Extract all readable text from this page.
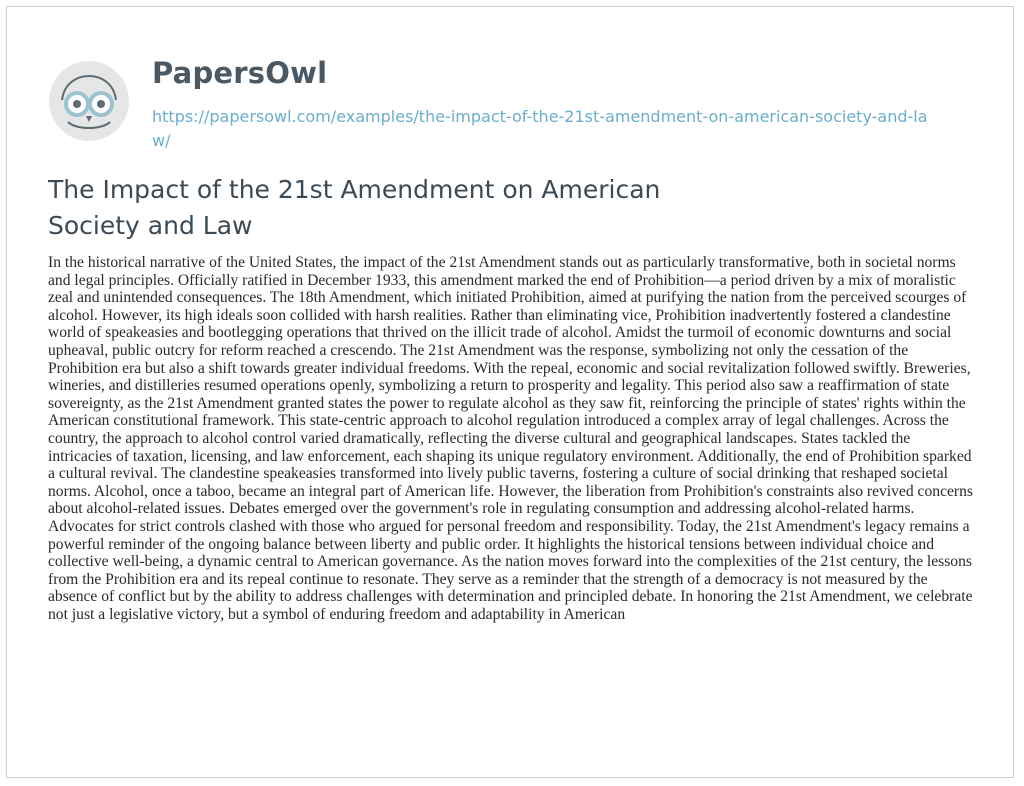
PapersOwl
https://papersowl.com/examples/the-impact-of-the-21st-amendment-on-american-society-and-law/
The Impact of the 21st Amendment on American Society and Law

In the historical narrative of the United States, the impact of the 21st Amendment stands out as particularly transformative, both in societal norms and legal principles. Officially ratified in December 1933, this amendment marked the end of Prohibition—a period driven by a mix of moralistic zeal and unintended consequences. The 18th Amendment, which initiated Prohibition, aimed at purifying the nation from the perceived scourges of alcohol. However, its high ideals soon collided with harsh realities. Rather than eliminating vice, Prohibition inadvertently fostered a clandestine world of speakeasies and bootlegging operations that thrived on the illicit trade of alcohol. Amidst the turmoil of economic downturns and social upheaval, public outcry for reform reached a crescendo. The 21st Amendment was the response, symbolizing not only the cessation of the Prohibition era but also a shift towards greater individual freedoms. With the repeal, economic and social revitalization followed swiftly. Breweries, wineries, and distilleries resumed operations openly, symbolizing a return to prosperity and legality. This period also saw a reaffirmation of state sovereignty, as the 21st Amendment granted states the power to regulate alcohol as they saw fit, reinforcing the principle of states' rights within the American constitutional framework. This state-centric approach to alcohol regulation introduced a complex array of legal challenges. Across the country, the approach to alcohol control varied dramatically, reflecting the diverse cultural and geographical landscapes. States tackled the intricacies of taxation, licensing, and law enforcement, each shaping its unique regulatory environment. Additionally, the end of Prohibition sparked a cultural revival. The clandestine speakeasies transformed into lively public taverns, fostering a culture of social drinking that reshaped societal norms. Alcohol, once a taboo, became an integral part of American life. However, the liberation from Prohibition's constraints also revived concerns about alcohol-related issues. Debates emerged over the government's role in regulating consumption and addressing alcohol-related harms. Advocates for strict controls clashed with those who argued for personal freedom and responsibility. Today, the 21st Amendment's legacy remains a powerful reminder of the ongoing balance between liberty and public order. It highlights the historical tensions between individual choice and collective well-being, a dynamic central to American governance. As the nation moves forward into the complexities of the 21st century, the lessons from the Prohibition era and its repeal continue to resonate. They serve as a reminder that the strength of a democracy is not measured by the absence of conflict but by the ability to address challenges with determination and principled debate. In honoring the 21st Amendment, we celebrate not just a legislative victory, but a symbol of enduring freedom and adaptability in American
